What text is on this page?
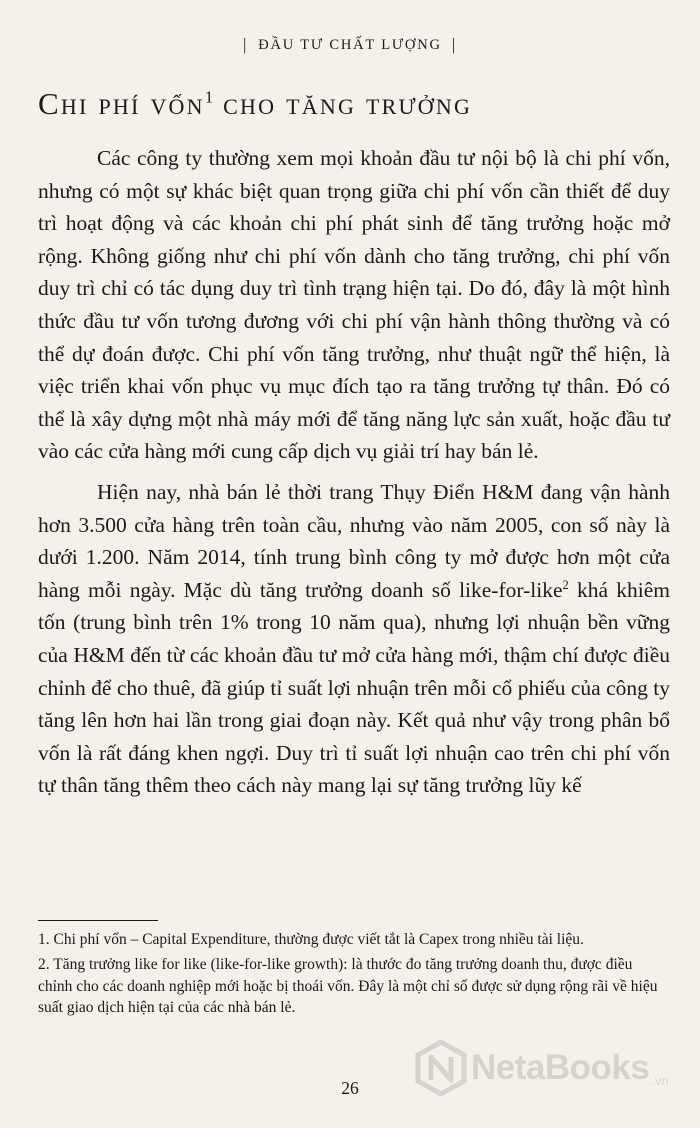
| ĐẦU TƯ CHẤT LƯỢNG |
Chi phí vốn$^1$ cho tăng trưởng

Các công ty thường xem mọi khoản đầu tư nội bộ là chi phí vốn, nhưng có một sự khác biệt quan trọng giữa chi phí vốn cần thiết để duy trì hoạt động và các khoản chi phí phát sinh để tăng trưởng hoặc mở rộng. Không giống như chi phí vốn dành cho tăng trưởng, chi phí vốn duy trì chỉ có tác dụng duy trì tình trạng hiện tại. Do đó, đây là một hình thức đầu tư vốn tương đương với chi phí vận hành thông thường và có thể dự đoán được. Chi phí vốn tăng trưởng, như thuật ngữ thể hiện, là việc triển khai vốn phục vụ mục đích tạo ra tăng trưởng tự thân. Đó có thể là xây dựng một nhà máy mới để tăng năng lực sản xuất, hoặc đầu tư vào các cửa hàng mới cung cấp dịch vụ giải trí hay bán lẻ.

Hiện nay, nhà bán lẻ thời trang Thụy Điển H&M đang vận hành hơn 3.500 cửa hàng trên toàn cầu, nhưng vào năm 2005, con số này là dưới 1.200. Năm 2014, tính trung bình công ty mở được hơn một cửa hàng mỗi ngày. Mặc dù tăng trưởng doanh số like-for-like$^2$ khá khiêm tốn (trung bình trên 1% trong 10 năm qua), nhưng lợi nhuận bền vững của H&M đến từ các khoản đầu tư mở cửa hàng mới, thậm chí được điều chỉnh để cho thuê, đã giúp tỉ suất lợi nhuận trên mỗi cổ phiếu của công ty tăng lên hơn hai lần trong giai đoạn này. Kết quả như vậy trong phân bổ vốn là rất đáng khen ngợi. Duy trì tỉ suất lợi nhuận cao trên chi phí vốn tự thân tăng thêm theo cách này mang lại sự tăng trưởng lũy kế

1. Chi phí vốn – Capital Expenditure, thường được viết tắt là Capex trong nhiều tài liệu.

2. Tăng trưởng like for like (like-for-like growth): là thước đo tăng trưởng doanh thu, được điều chỉnh cho các doanh nghiệp mới hoặc bị thoái vốn. Đây là một chỉ số được sử dụng rộng rãi về hiệu suất giao dịch hiện tại của các nhà bán lẻ.

26
NetaBooks .vn
